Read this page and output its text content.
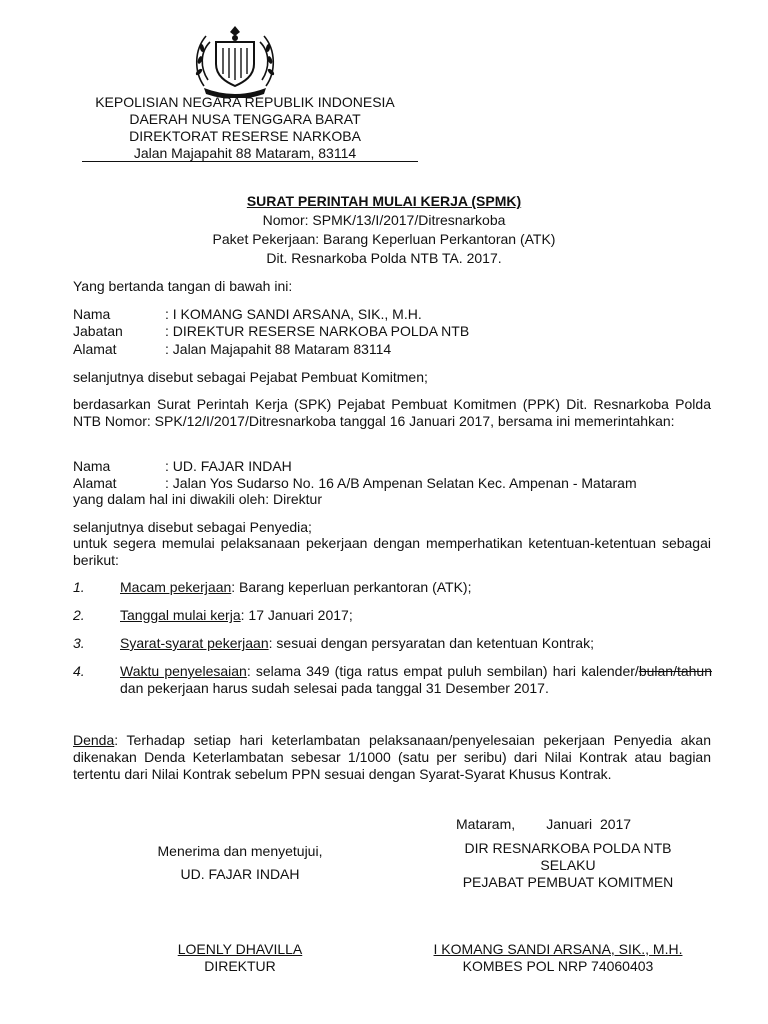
KEPOLISIAN NEGARA REPUBLIK INDONESIA
DAERAH NUSA TENGGARA BARAT
DIREKTORAT RESERSE NARKOBA
Jalan Majapahit 88 Mataram, 83114
SURAT PERINTAH MULAI KERJA (SPMK)
Nomor: SPMK/13/I/2017/Ditresnarkoba
Paket Pekerjaan: Barang Keperluan Perkantoran (ATK)
Dit. Resnarkoba Polda NTB TA. 2017.
Yang bertanda tangan di bawah ini:
Nama	: I KOMANG SANDI ARSANA, SIK., M.H.
Jabatan	: DIREKTUR RESERSE NARKOBA POLDA NTB
Alamat	: Jalan Majapahit 88 Mataram 83114
selanjutnya disebut sebagai Pejabat Pembuat Komitmen;
berdasarkan Surat Perintah Kerja (SPK) Pejabat Pembuat Komitmen (PPK) Dit. Resnarkoba Polda NTB Nomor: SPK/12/I/2017/Ditresnarkoba tanggal 16 Januari 2017, bersama ini memerintahkan:
Nama	: UD. FAJAR INDAH
Alamat	: Jalan Yos Sudarso No. 16 A/B Ampenan Selatan Kec. Ampenan - Mataram
yang dalam hal ini diwakili oleh: Direktur
selanjutnya disebut sebagai Penyedia;
untuk segera memulai pelaksanaan pekerjaan dengan memperhatikan ketentuan-ketentuan sebagai berikut:
1.	Macam pekerjaan: Barang keperluan perkantoran (ATK);
2.	Tanggal mulai kerja: 17 Januari 2017;
3.	Syarat-syarat pekerjaan: sesuai dengan persyaratan dan ketentuan Kontrak;
4.	Waktu penyelesaian: selama 349 (tiga ratus empat puluh sembilan) hari kalender/bulan/tahun dan pekerjaan harus sudah selesai pada tanggal 31 Desember 2017.
Denda: Terhadap setiap hari keterlambatan pelaksanaan/penyelesaian pekerjaan Penyedia akan dikenakan Denda Keterlambatan sebesar 1/1000 (satu per seribu) dari Nilai Kontrak atau bagian tertentu dari Nilai Kontrak sebelum PPN sesuai dengan Syarat-Syarat Khusus Kontrak.
Mataram,        Januari  2017
Menerima dan menyetujui,
UD. FAJAR INDAH
LOENLY DHAVILLA
DIREKTUR
DIR RESNARKOBA POLDA NTB
SELAKU
PEJABAT PEMBUAT KOMITMEN
I KOMANG SANDI ARSANA, SIK., M.H.
KOMBES POL NRP 74060403
